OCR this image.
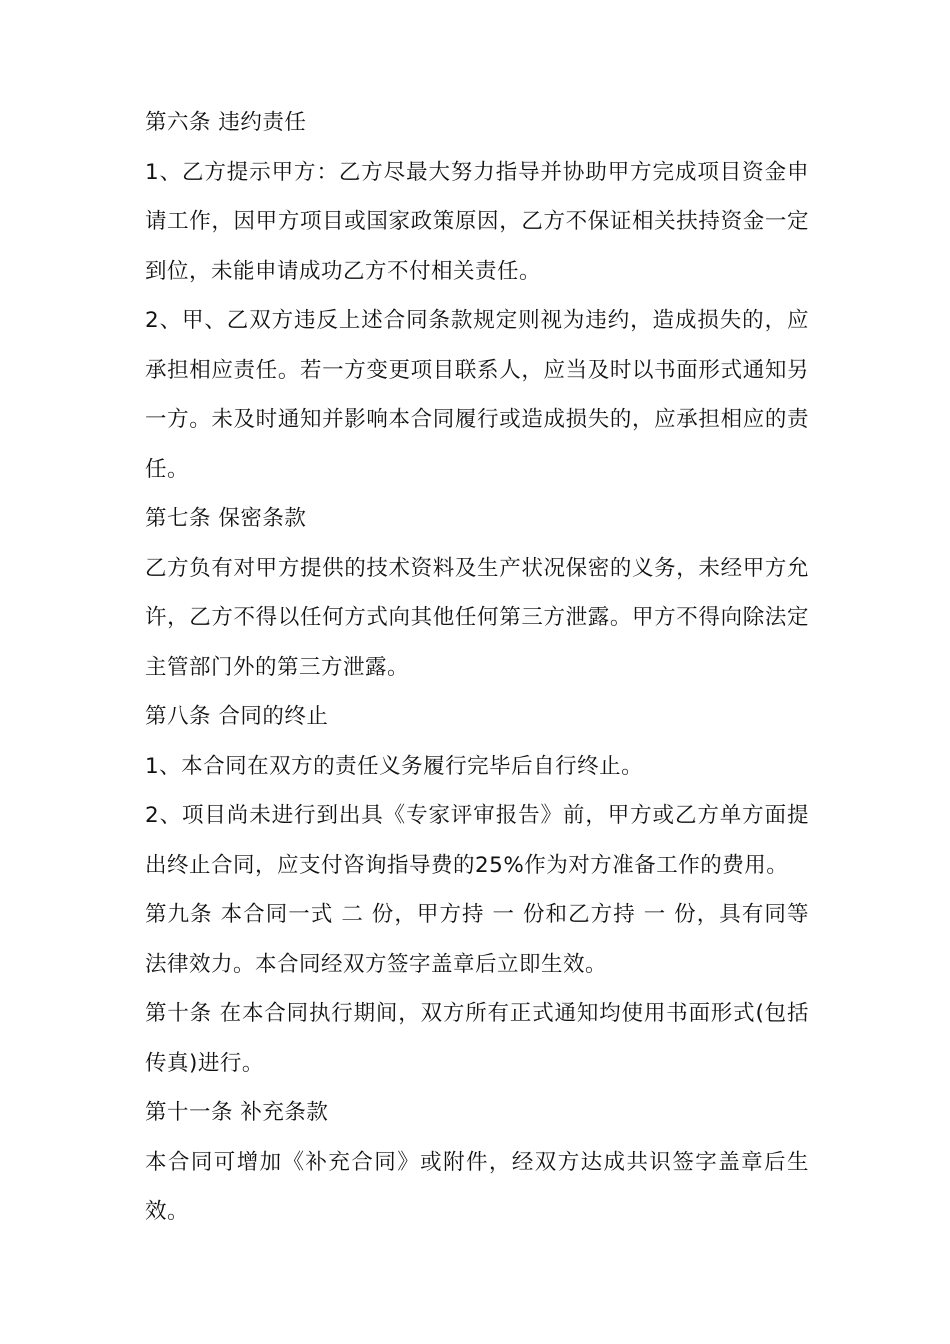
第六条 违约责任

1、乙方提示甲方：乙方尽最大努力指导并协助甲方完成项目资金申请工作，因甲方项目或国家政策原因，乙方不保证相关扶持资金一定到位，未能申请成功乙方不付相关责任。

2、甲、乙双方违反上述合同条款规定则视为违约，造成损失的，应承担相应责任。若一方变更项目联系人，应当及时以书面形式通知另一方。未及时通知并影响本合同履行或造成损失的，应承担相应的责任。

第七条 保密条款

乙方负有对甲方提供的技术资料及生产状况保密的义务，未经甲方允许，乙方不得以任何方式向其他任何第三方泄露。甲方不得向除法定主管部门外的第三方泄露。

第八条 合同的终止

1、本合同在双方的责任义务履行完毕后自行终止。

2、项目尚未进行到出具《专家评审报告》前，甲方或乙方单方面提出终止合同，应支付咨询指导费的25%作为对方准备工作的费用。

第九条 本合同一式 二 份，甲方持 一 份和乙方持 一 份，具有同等法律效力。本合同经双方签字盖章后立即生效。

第十条 在本合同执行期间，双方所有正式通知均使用书面形式(包括传真)进行。

第十一条 补充条款

本合同可增加《补充合同》或附件，经双方达成共识签字盖章后生效。
